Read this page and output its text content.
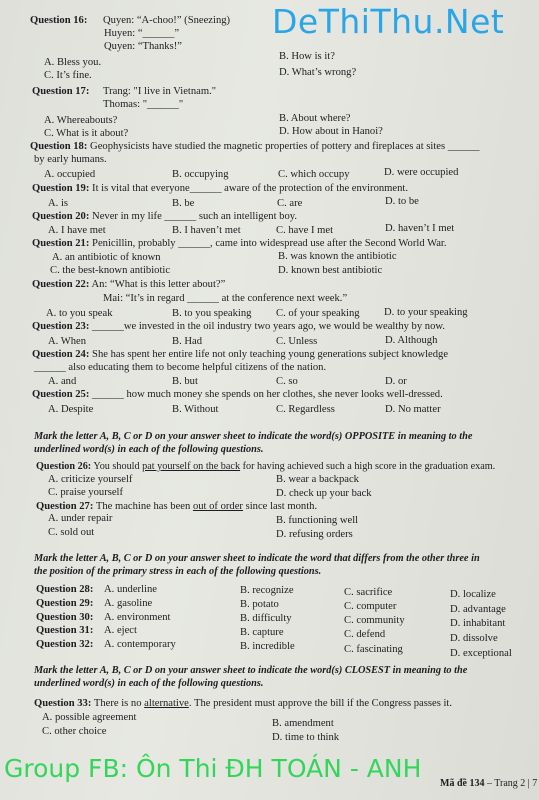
DeThiThu.Net
Question 16: Quyen: “A-choo!” (Sneezing)
Huyen: “______”
Quyen: “Thanks!”
A. Bless you.
B. How is it?
C. It’s fine.	D. What’s wrong?
Question 17: Trang: "I live in Vietnam."
Thomas: "______"
A. Whereabouts?	B. About where?
C. What is it about?	D. How about in Hanoi?
Question 18: Geophysicists have studied the magnetic properties of pottery and fireplaces at sites ______
by early humans.
A. occupied	B. occupying	C. which occupy	D. were occupied
Question 19: It is vital that everyone______ aware of the protection of the environment.
A. is	B. be	C. are	D. to be
Question 20: Never in my life ______ such an intelligent boy.
A. I have met	B. I haven’t met	C. have I met	D. haven’t I met
Question 21: Penicillin, probably ______, came into widespread use after the Second World War.
A. an antibiotic of known	B. was known the antibiotic
C. the best-known antibiotic	D. known best antibiotic
Question 22: An: “What is this letter about?”
Mai: “It’s in regard ______ at the conference next week.”
A. to you speak	B. to you speaking C. of your speaking D. to your speaking
Question 23: ______we invested in the oil industry two years ago, we would be wealthy by now.
A. When	B. Had	C. Unless	D. Although
Question 24: She has spent her entire life not only teaching young generations subject knowledge
______ also educating them to become helpful citizens of the nation.
A. and	B. but	C. so	D. or
Question 25: ______ how much money she spends on her clothes, she never looks well-dressed.
A. Despite	B. Without	C. Regardless	D. No matter
Mark the letter A, B, C or D on your answer sheet to indicate the word(s) OPPOSITE in meaning to the
underlined word(s) in each of the following questions.
Question 26: You should pat yourself on the back for having achieved such a high score in the graduation exam.
A. criticize yourself	B. wear a backpack
C. praise yourself	D. check up your back
Question 27: The machine has been out of order since last month.
A. under repair	B. functioning well
C. sold out	D. refusing orders
Mark the letter A, B, C or D on your answer sheet to indicate the word that differs from the other three in
the position of the primary stress in each of the following questions.
Question 28: A. underline	B. recognize	C. sacrifice	D. localize
Question 29: A. gasoline	B. potato	C. computer	D. advantage
Question 30: A. environment	B. difficulty	C. community	D. inhabitant
Question 31: A. eject	B. capture	C. defend	D. dissolve
Question 32: A. contemporary	B. incredible	C. fascinating	D. exceptional
Mark the letter A, B, C or D on your answer sheet to indicate the word(s) CLOSEST in meaning to the
underlined word(s) in each of the following questions.
Question 33: There is no alternative. The president must approve the bill if the Congress passes it.
A. possible agreement
B. amendment
C. other choice
D. time to think
Group FB: Ôn Thi ĐH TOÁN - ANH
Mã đề 134 – Trang 2 | 7
